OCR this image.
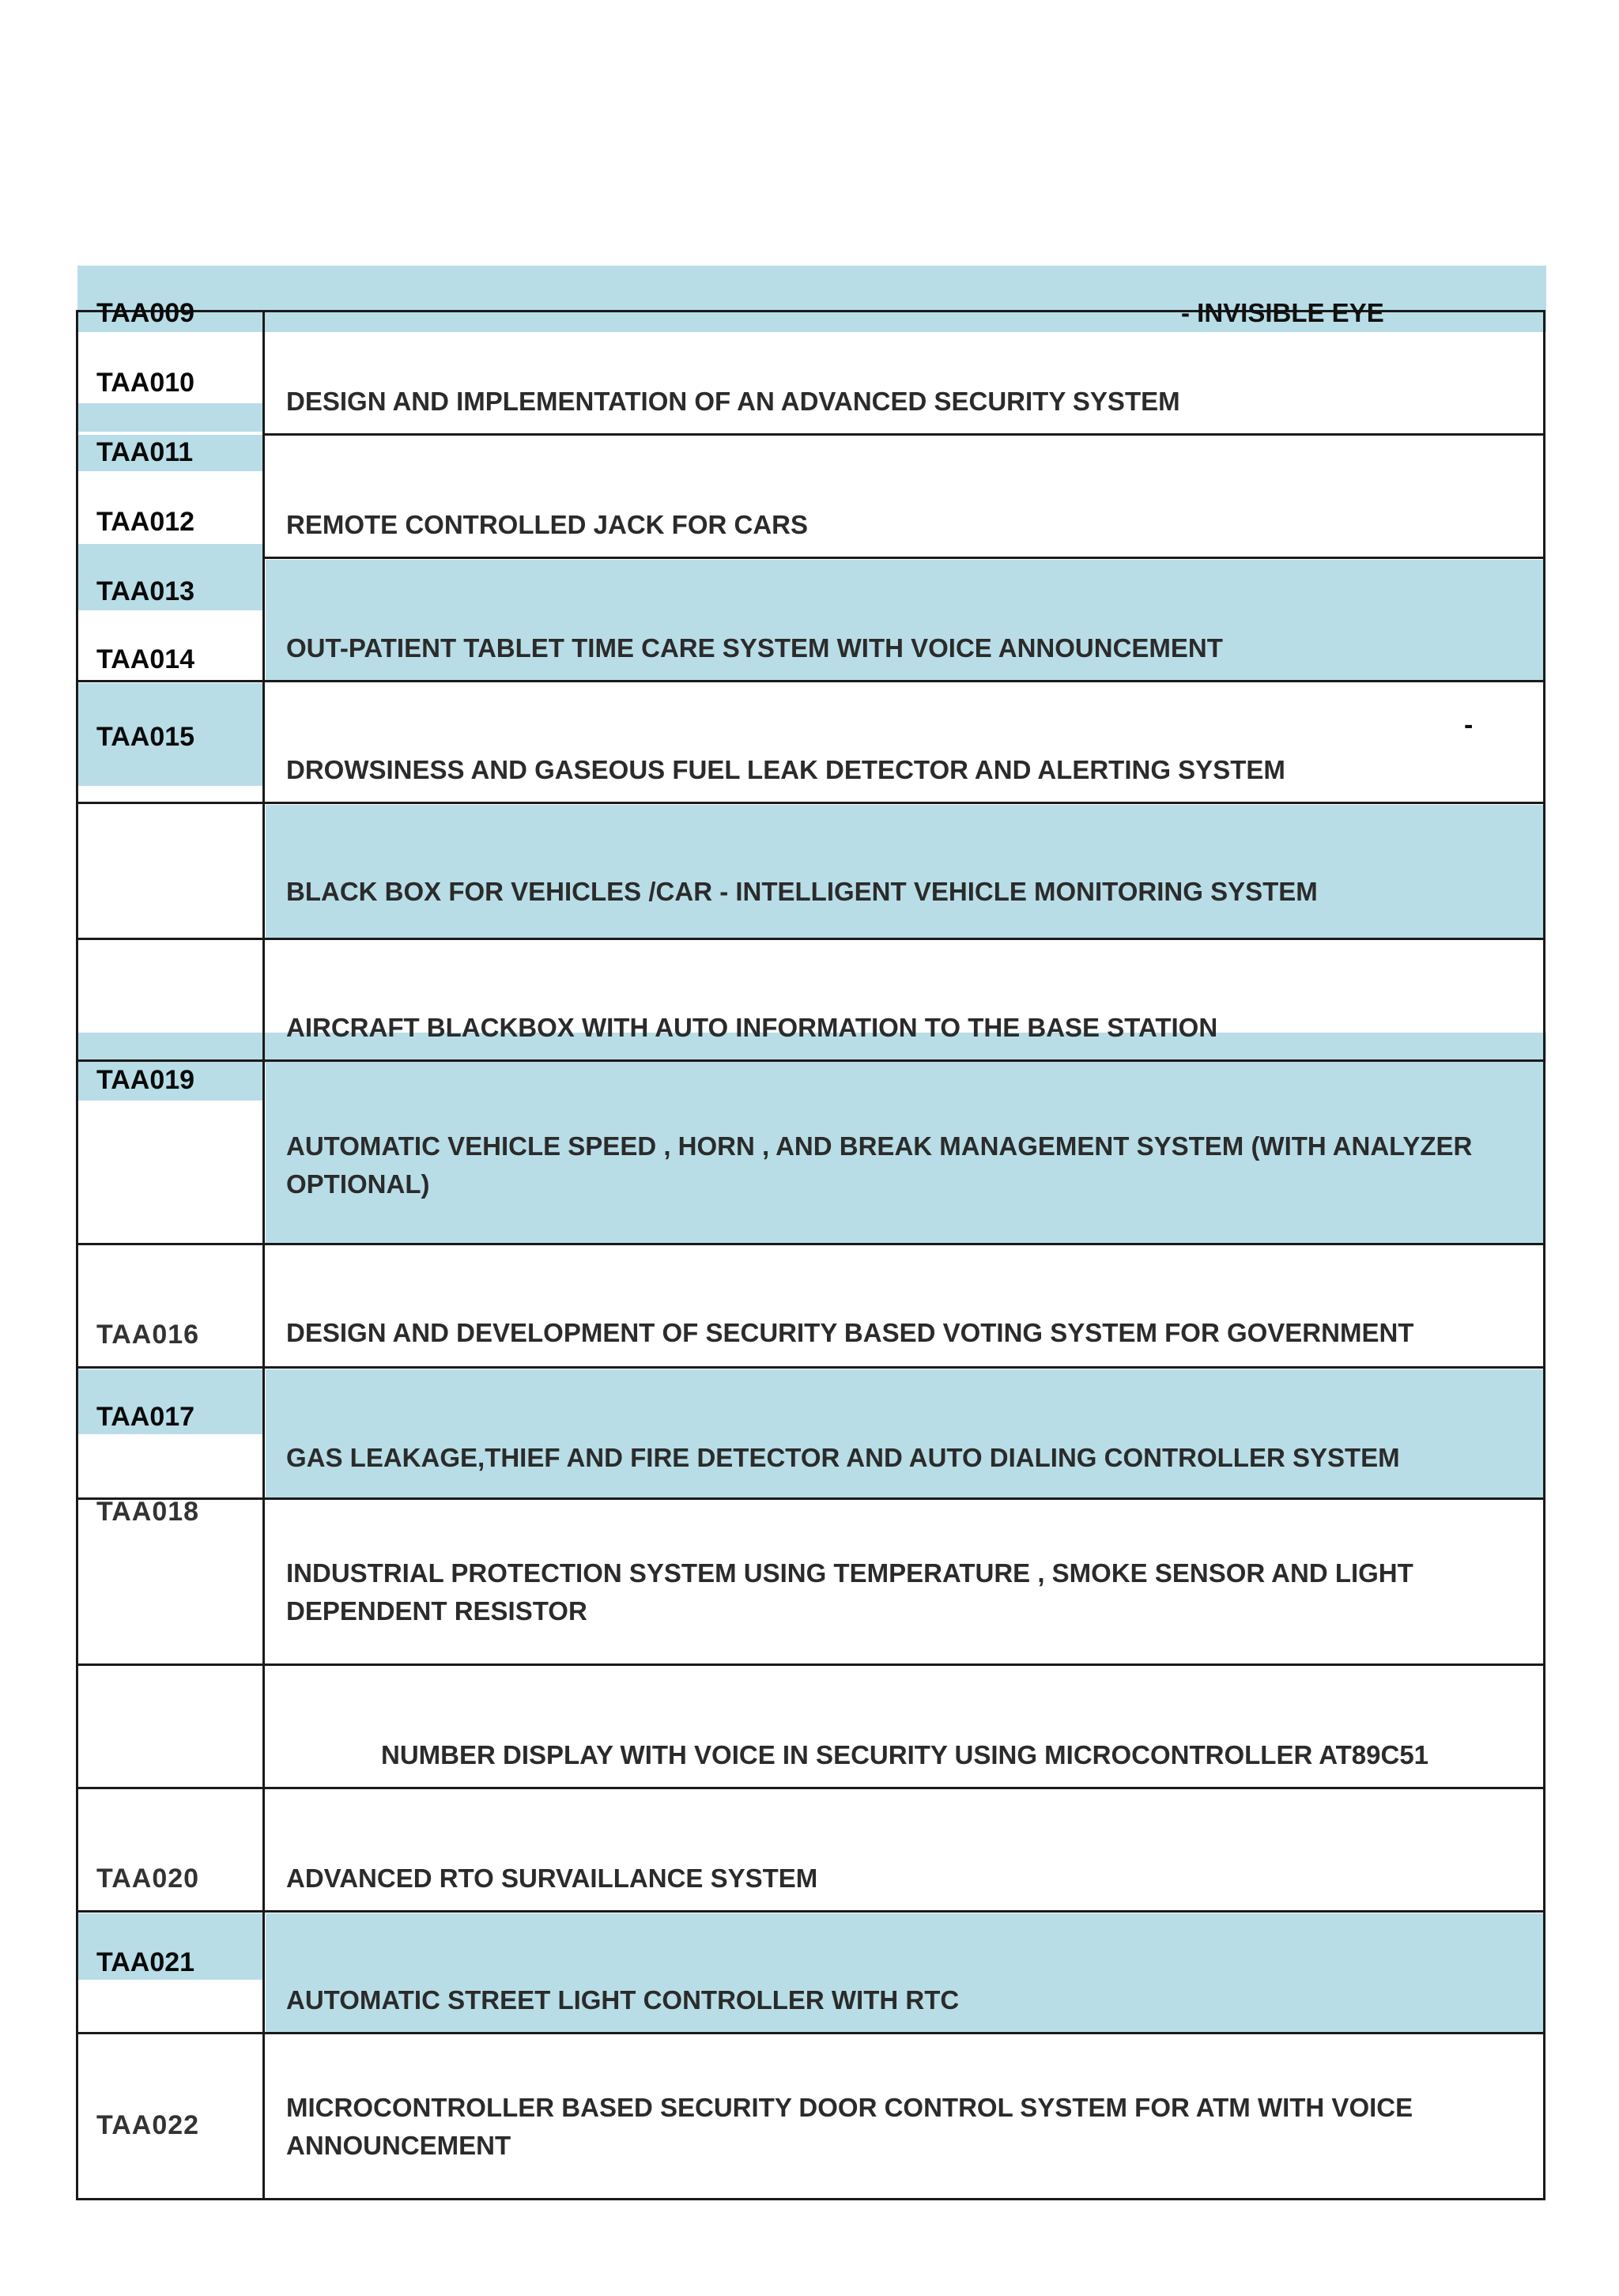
TAA009	- INVISIBLE EYE
TAA010
TAA011
TAA012
TAA013
TAA014
TAA015
TAA019
TAA016
TAA017
TAA018
TAA020
TAA021
TAA022
DESIGN AND IMPLEMENTATION OF AN ADVANCED SECURITY SYSTEM
REMOTE CONTROLLED JACK FOR CARS
OUT-PATIENT TABLET TIME CARE SYSTEM WITH VOICE ANNOUNCEMENT
-
DROWSINESS AND GASEOUS FUEL LEAK DETECTOR AND ALERTING SYSTEM
BLACK BOX FOR VEHICLES /CAR - INTELLIGENT VEHICLE MONITORING SYSTEM
AIRCRAFT BLACKBOX WITH AUTO INFORMATION TO THE BASE STATION
AUTOMATIC VEHICLE SPEED , HORN , AND BREAK MANAGEMENT SYSTEM (WITH ANALYZER OPTIONAL)
DESIGN AND DEVELOPMENT OF SECURITY BASED VOTING SYSTEM FOR GOVERNMENT
GAS LEAKAGE,THIEF AND FIRE DETECTOR AND AUTO DIALING CONTROLLER SYSTEM
INDUSTRIAL PROTECTION SYSTEM USING TEMPERATURE , SMOKE SENSOR AND LIGHT DEPENDENT RESISTOR
NUMBER DISPLAY WITH VOICE IN SECURITY USING MICROCONTROLLER AT89C51
ADVANCED RTO SURVAILLANCE SYSTEM
AUTOMATIC STREET LIGHT CONTROLLER WITH RTC
MICROCONTROLLER BASED SECURITY DOOR CONTROL SYSTEM FOR ATM WITH VOICE ANNOUNCEMENT
